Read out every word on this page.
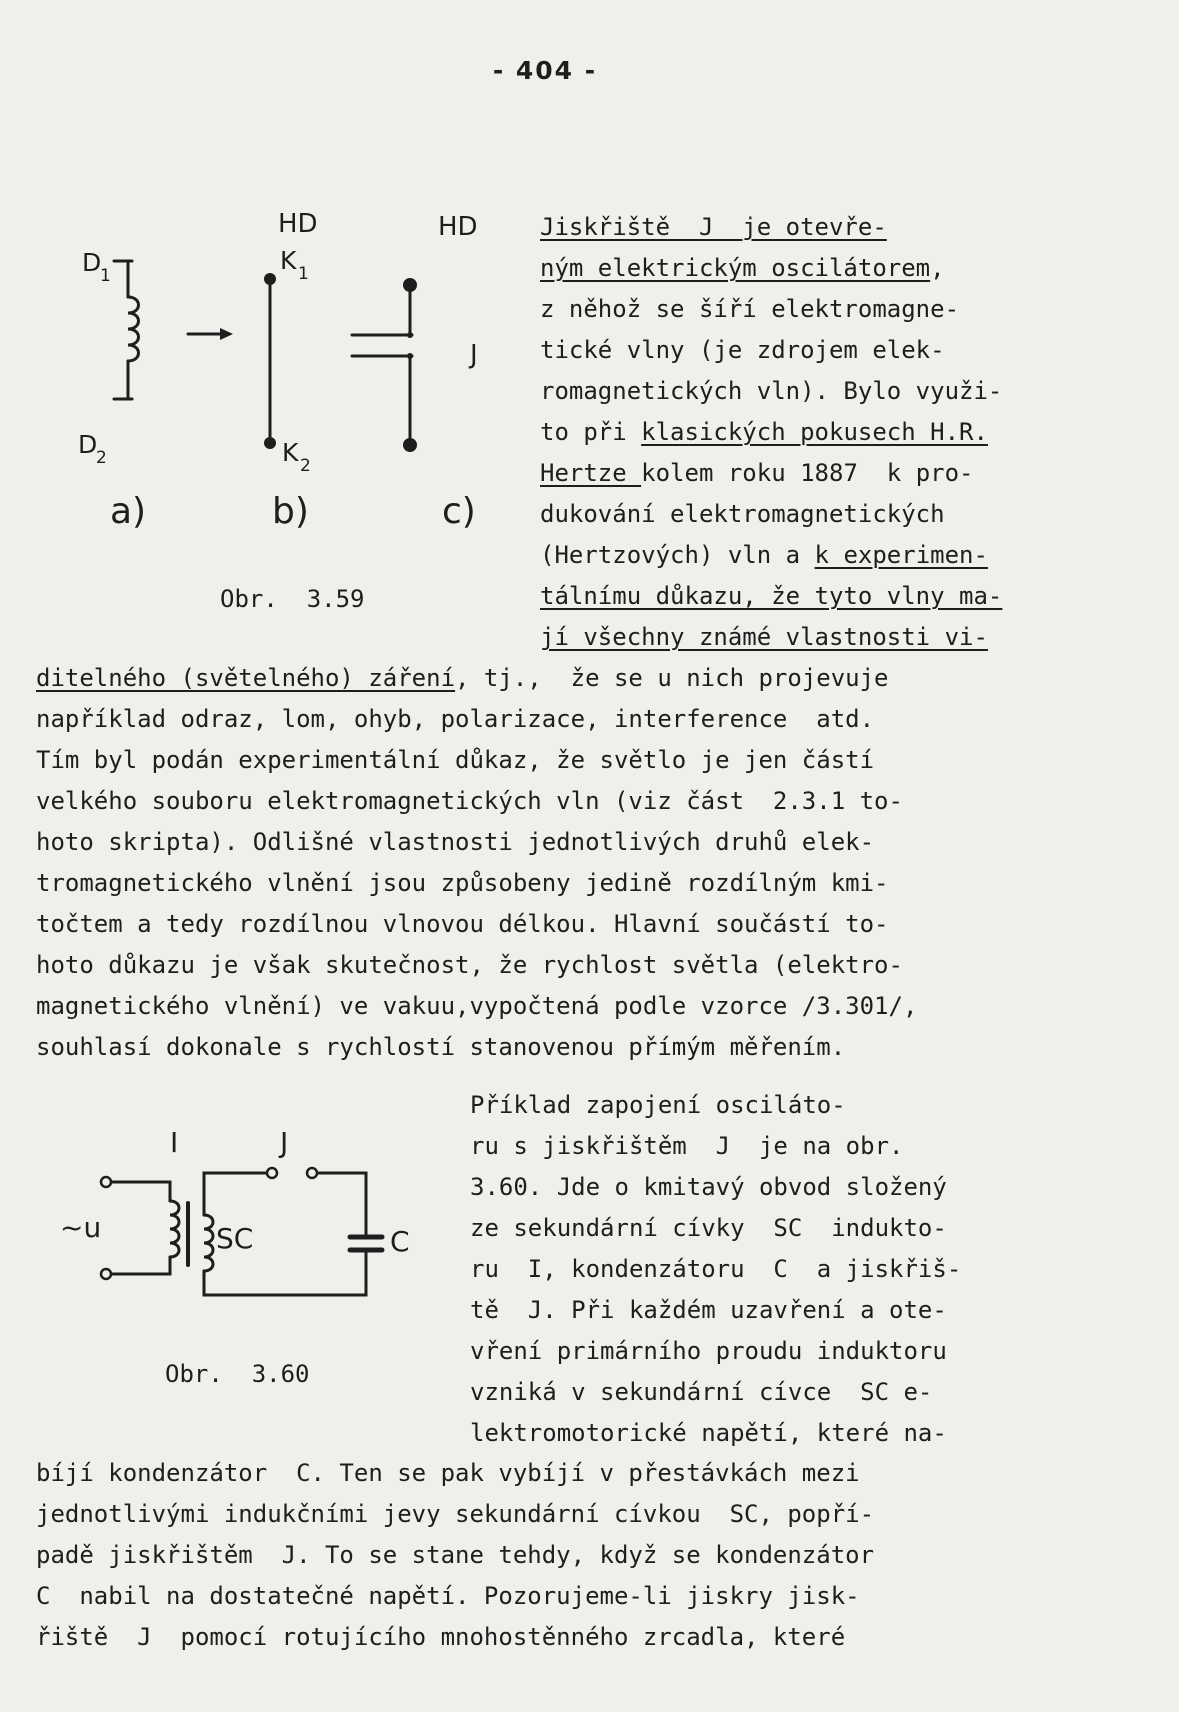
- 404 -
HD	HD
D
1
D
2
K 1
K 2
J
a)	b)	c)
Obr.  3.59
I	J
~u	SC	C
Obr.  3.60
Jiskřiště  J  je otevře-
ným elektrickým oscilátorem,
z něhož se šíří elektromagne-
tické vlny (je zdrojem elek-
romagnetických vln). Bylo využi-
to při klasických pokusech H.R.
Hertze kolem roku 1887  k pro-
dukování elektromagnetických
(Hertzových) vln a k experimen-
tálnímu důkazu, že tyto vlny ma-
jí všechny známé vlastnosti vi-
ditelného (světelného) záření, tj.,  že se u nich projevuje
například odraz, lom, ohyb, polarizace, interference  atd.
Tím byl podán experimentální důkaz, že světlo je jen částí
velkého souboru elektromagnetických vln (viz část  2.3.1 to-
hoto skripta). Odlišné vlastnosti jednotlivých druhů elek-
tromagnetického vlnění jsou způsobeny jedině rozdílným kmi-
točtem a tedy rozdílnou vlnovou délkou. Hlavní součástí to-
hoto důkazu je však skutečnost, že rychlost světla (elektro-
magnetického vlnění) ve vakuu,vypočtená podle vzorce /3.301/,
souhlasí dokonale s rychlostí stanovenou přímým měřením.
Příklad zapojení osciláto-
ru s jiskřištěm  J  je na obr.
3.60. Jde o kmitavý obvod složený
ze sekundární cívky  SC  indukto-
ru  I, kondenzátoru  C  a jiskřiš-
tě  J. Při každém uzavření a ote-
vření primárního proudu induktoru
vzniká v sekundární cívce  SC e-
lektromotorické napětí, které na-
bíjí kondenzátor  C. Ten se pak vybíjí v přestávkách mezi
jednotlivými indukčními jevy sekundární cívkou  SC, popří-
padě jiskřištěm  J. To se stane tehdy, když se kondenzátor
C  nabil na dostatečné napětí. Pozorujeme-li jiskry jisk-
řiště  J  pomocí rotujícího mnohostěnného zrcadla, které
